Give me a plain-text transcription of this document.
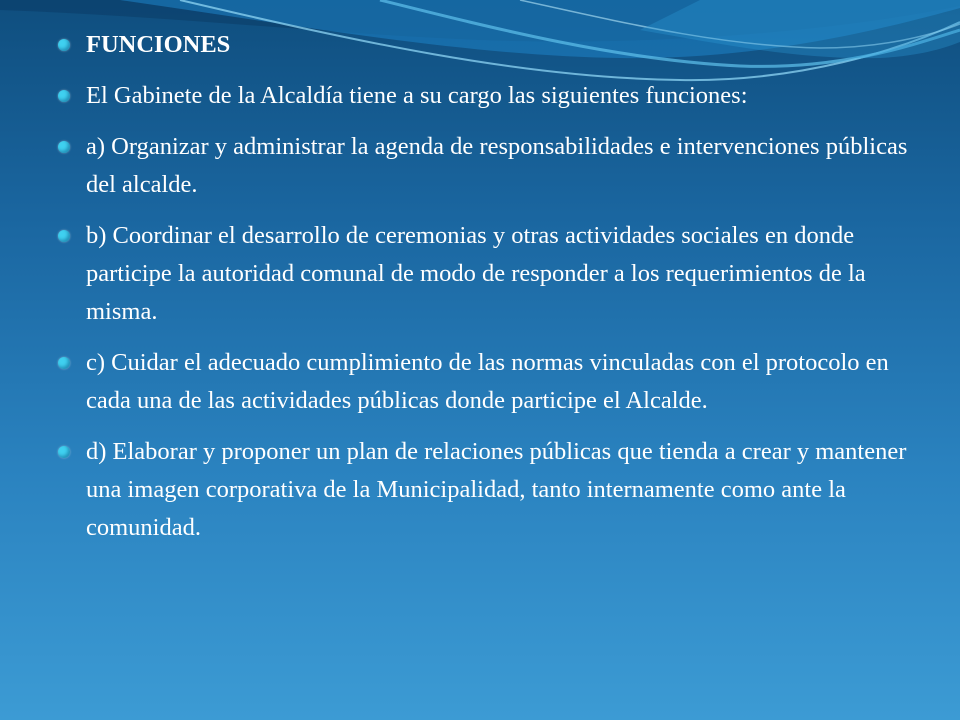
FUNCIONES
El Gabinete de la Alcaldía tiene a su cargo las siguientes funciones:
a) Organizar y administrar la agenda de responsabilidades e intervenciones públicas del alcalde.
b) Coordinar el desarrollo de ceremonias y otras actividades sociales en donde participe la autoridad comunal de modo de responder a los requerimientos de la misma.
c) Cuidar el adecuado cumplimiento de las normas vinculadas con el protocolo en cada una de las actividades públicas donde participe el Alcalde.
d) Elaborar y proponer un plan de relaciones públicas que tienda a crear y mantener una imagen corporativa de la Municipalidad, tanto internamente como ante la comunidad.
